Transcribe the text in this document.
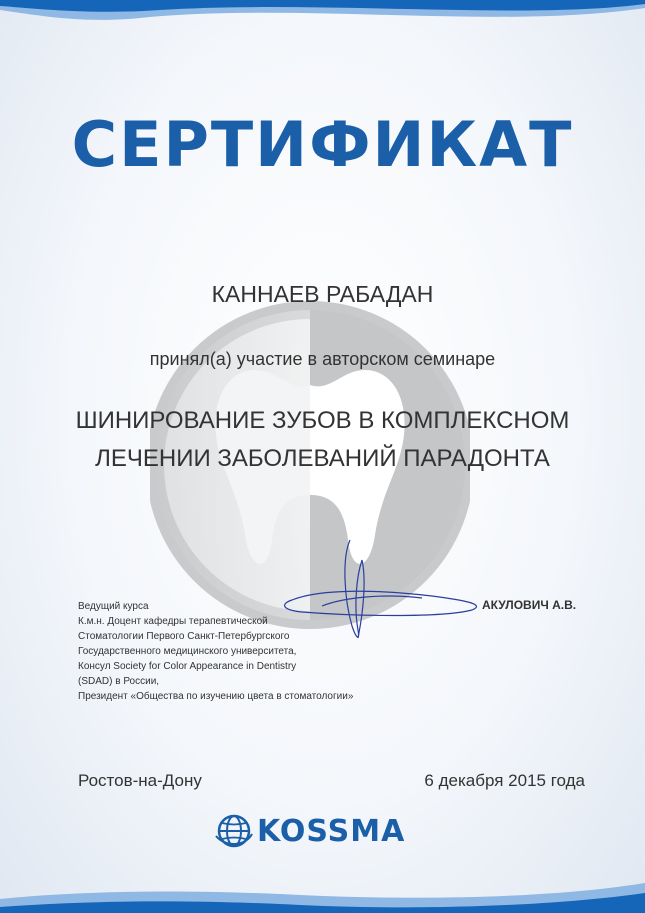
СЕРТИФИКАТ
КАННАЕВ РАБАДАН
принял(а) участие в авторском семинаре
ШИНИРОВАНИЕ ЗУБОВ В КОМПЛЕКСНОМ
ЛЕЧЕНИИ ЗАБОЛЕВАНИЙ ПАРАДОНТА
Ведущий курса
К.м.н. Доцент кафедры терапевтической
Стоматологии Первого Санкт-Петербургского
Государственного медицинского университета,
Консул Society for Color Appearance in Dentistry
(SDAD) в России,
Президент «Общества по изучению цвета в стоматологии»
АКУЛОВИЧ А.В.
Ростов-на-Дону	6 декабря 2015 года
KOSSMA
